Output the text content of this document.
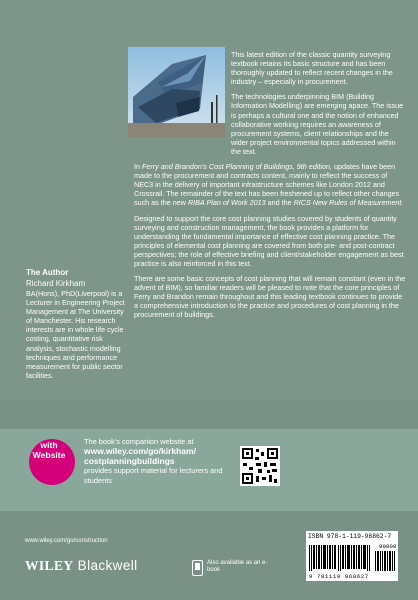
This latest edition of the classic quantity surveying textbook retains its basic structure and has been thoroughly updated to reflect recent changes in the industry – especially in procurement.

The technologies underpinning BIM (Building Information Modelling) are emerging apace. The issue is perhaps a cultural one and the notion of enhanced collaborative working requires an awareness of procurement systems, client relationships and the wider project environmental topics addressed within the text.

In Ferry and Brandon's Cost Planning of Buildings, 9th edition, updates have been made to the procurement and contracts content, mainly to reflect the success of NEC3 in the delivery of important infrastructure schemes like London 2012 and Crossrail. The remainder of the text has been freshened up to reflect other changes such as the new RIBA Plan of Work 2013 and the RICS New Rules of Measurement.

Designed to support the core cost planning studies covered by students of quantity surveying and construction management, the book provides a platform for understanding the fundamental importance of effective cost planning practice. The principles of elemental cost planning are covered from both pre- and post-contract perspectives; the role of effective briefing and client/stakeholder engagement as best practice is also reinforced in this text.

There are some basic concepts of cost planning that will remain constant (even in the advent of BIM), so familiar readers will be pleased to note that the core principles of Ferry and Brandon remain throughout and this leading textbook continues to provide a comprehensive introduction to the practice and procedures of cost planning in the procurement of buildings.

The Author
Richard Kirkham
BA(Hons), PhD(Liverpool) is a Lecturer in Engineering Project Management at The University of Manchester. His research interests are in whole life cycle costing, quantitative risk analysis, stochastic modelling techniques and performance measurement for public sector facilities.
with
Website
The book's companion website at
www.wiley.com/go/kirkham/
costplanningbuildings
provides support material for lecturers and students
ISBN 978-1-119-96862-7
90000
9 781119 968627
www.wiley.com/go/construction
WILEY Blackwell	Also available as an e-book
